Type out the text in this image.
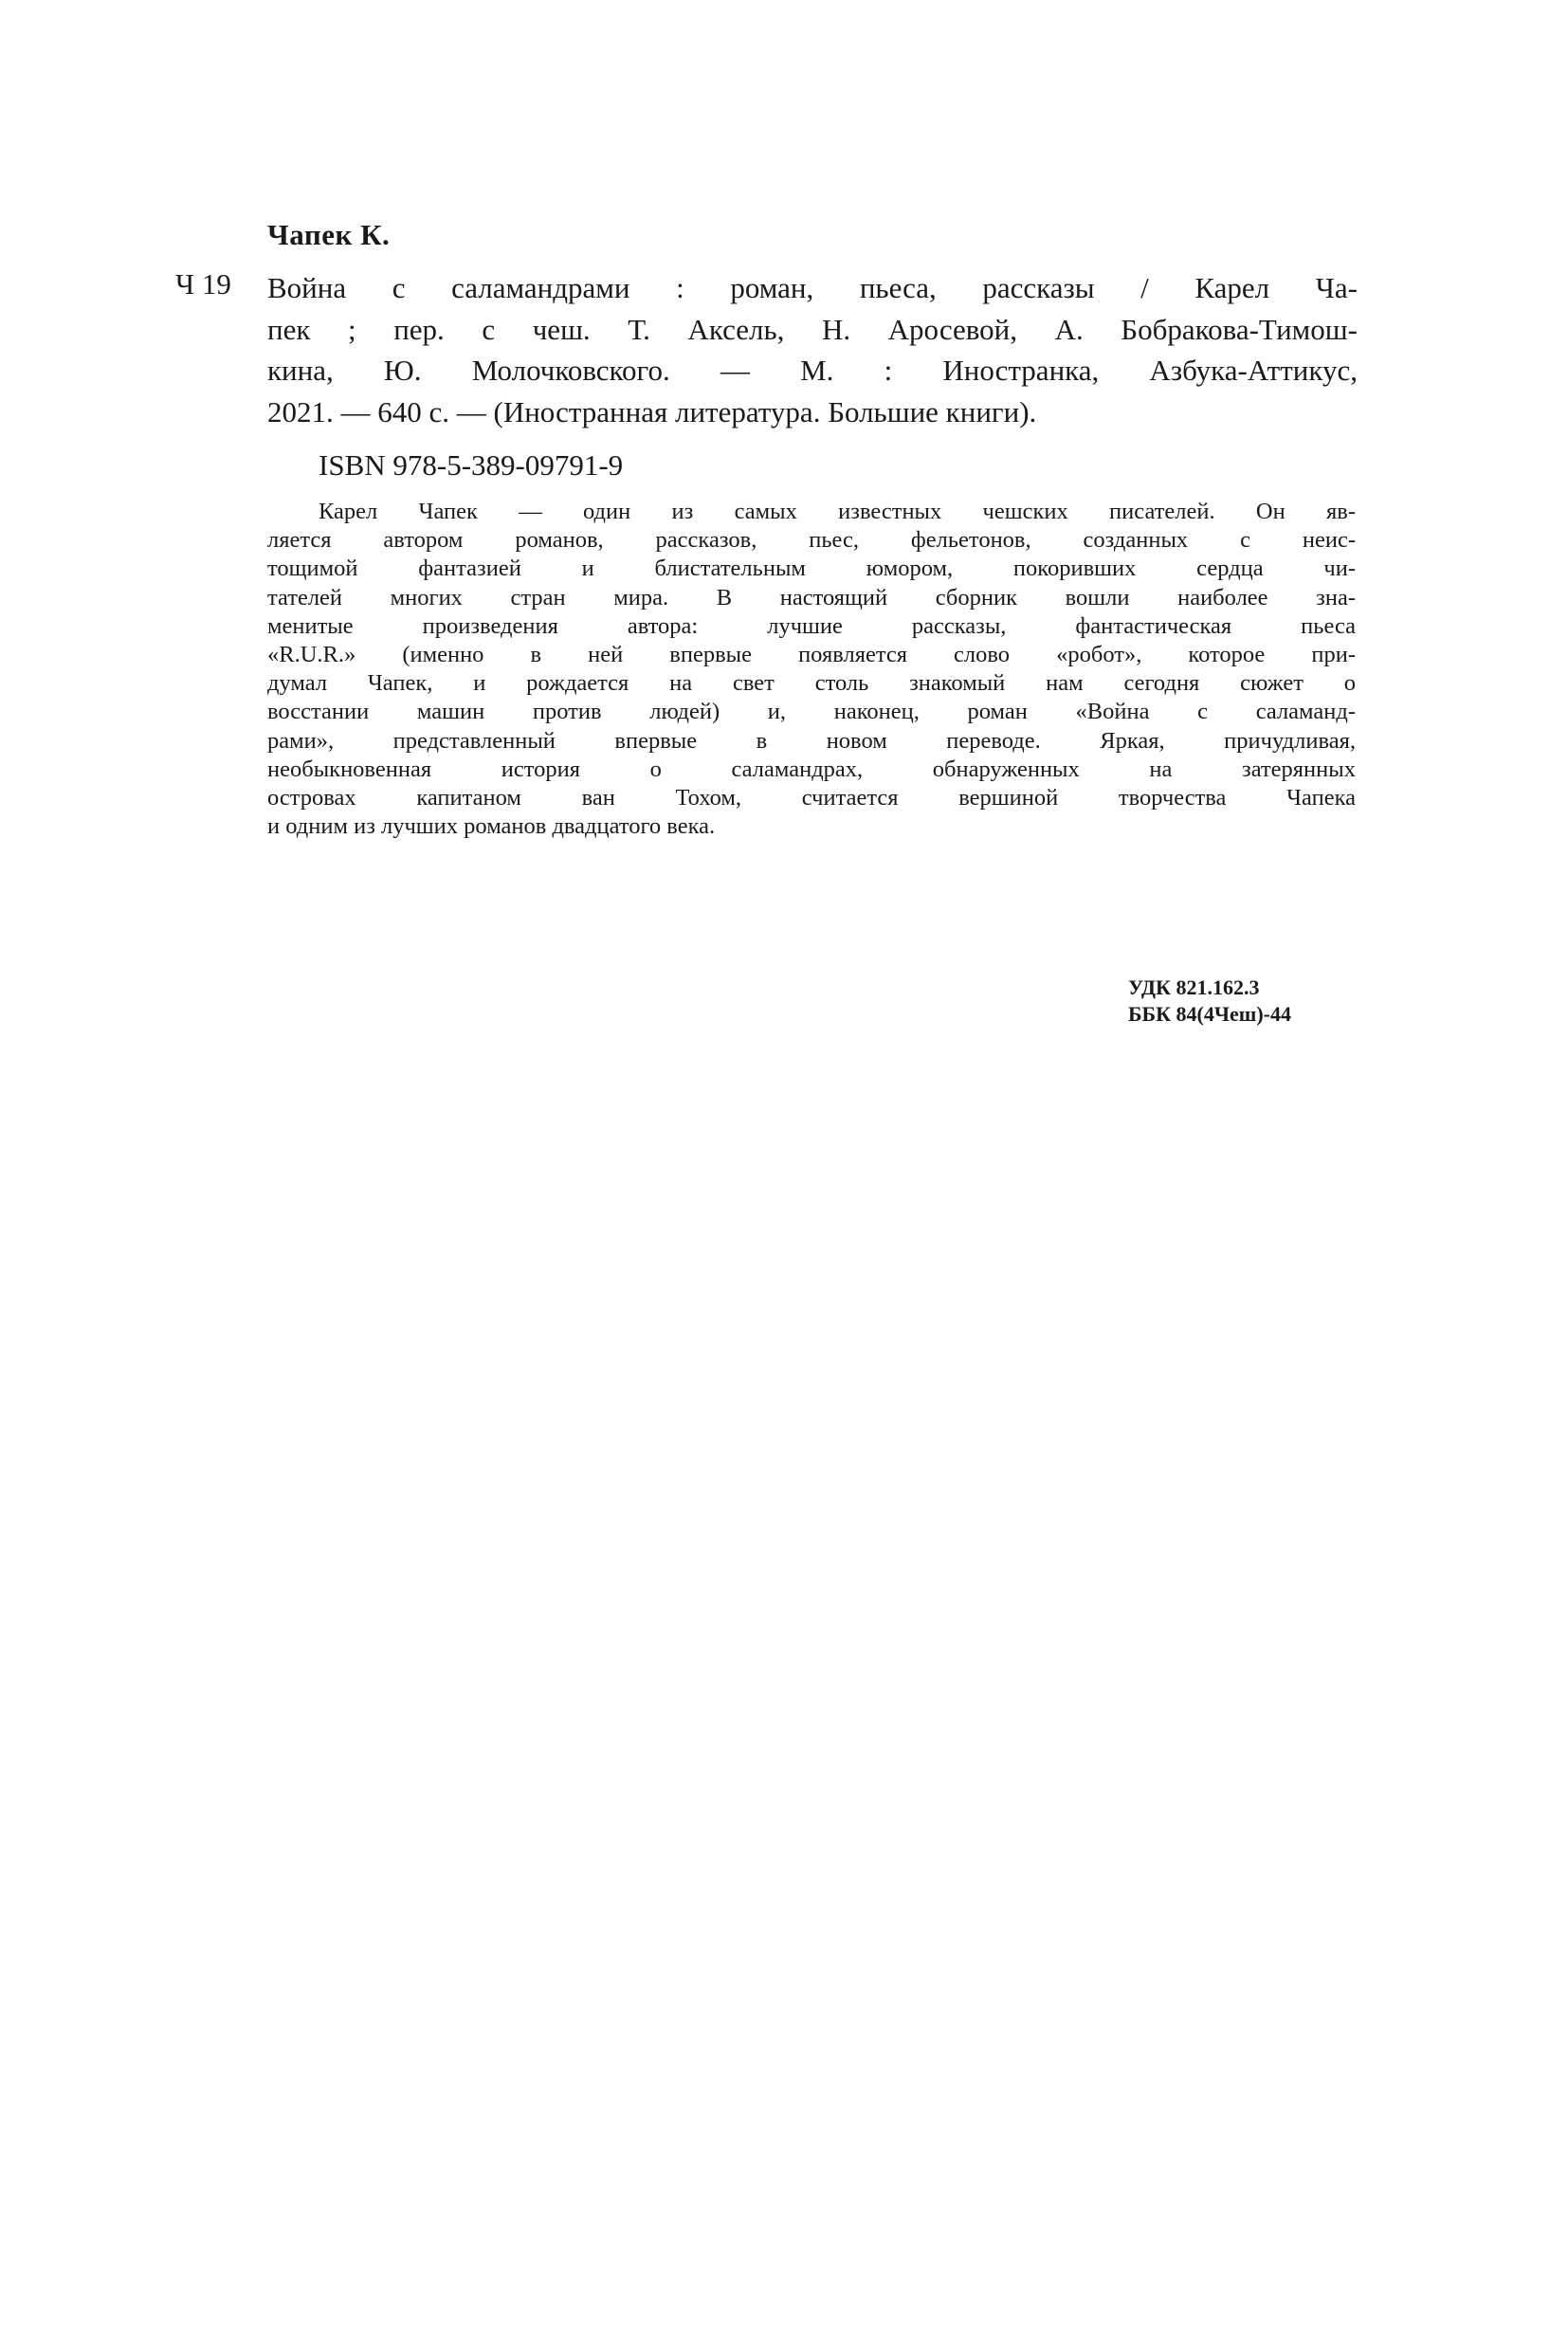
Чапек К.
Ч 19 Война с саламандрами : роман, пьеса, рассказы / Карел Ча-
пек ; пер. с чеш. Т. Аксель, Н. Аросевой, А. Бобракова-Тимош-
кина, Ю. Молочковского. — М. : Иностранка, Азбука-Аттикус,
2021. — 640 с. — (Иностранная литература. Большие книги).
ISBN 978-5-389-09791-9
Карел Чапек — один из самых известных чешских писателей. Он яв-
ляется автором романов, рассказов, пьес, фельетонов, созданных с неис-
тощимой фантазией и блистательным юмором, покоривших сердца чи-
тателей многих стран мира. В настоящий сборник вошли наиболее зна-
менитые произведения автора: лучшие рассказы, фантастическая пьеса
«R.U.R.» (именно в ней впервые появляется слово «робот», которое при-
думал Чапек, и рождается на свет столь знакомый нам сегодня сюжет о
восстании машин против людей) и, наконец, роман «Война с саламанд-
рами», представленный впервые в новом переводе. Яркая, причудливая,
необыкновенная история о саламандрах, обнаруженных на затерянных
островах капитаном ван Тохом, считается вершиной творчества Чапека
и одним из лучших романов двадцатого века.
УДК 821.162.3
ББК 84(4Чеш)-44
